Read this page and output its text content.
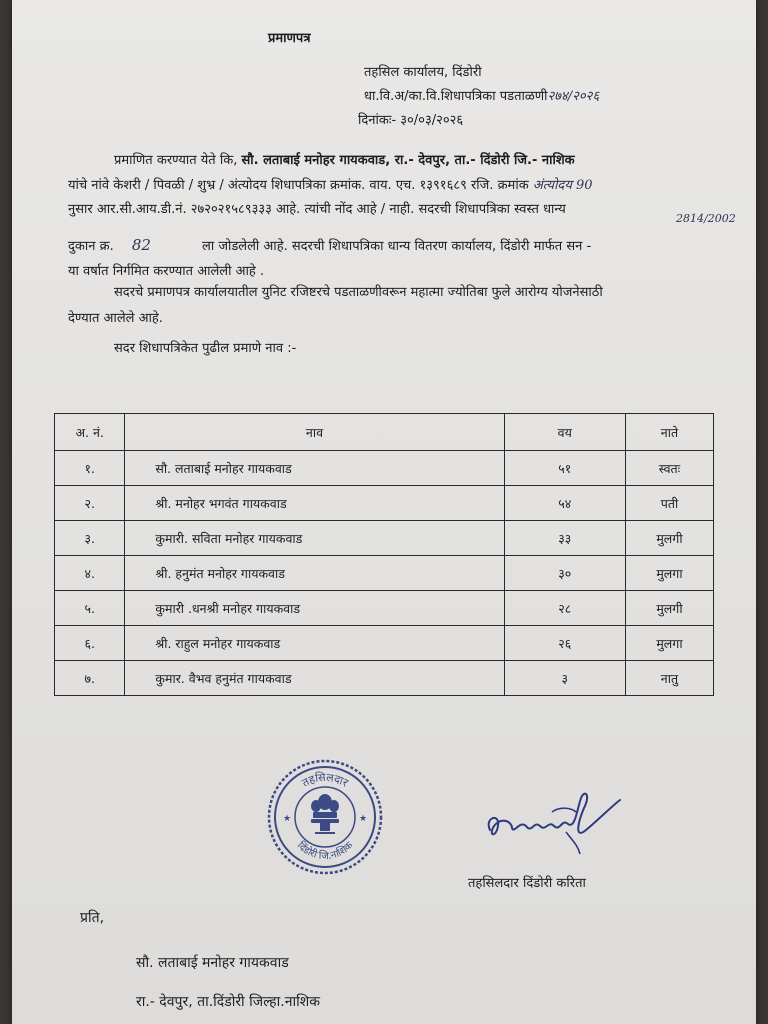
प्रमाणपत्र
तहसिल कार्यालय, दिंडोरी
धा.वि.अ/का.वि.शिधापत्रिका पडताळणी२७४/२०२६
दिनांकः- ३०/०३/२०२६
प्रमाणित करण्यात येते कि, सौ. लताबाई मनोहर गायकवाड, रा.- देवपुर, ता.- दिंडोरी जि.- नाशिक
यांचे नांवे केशरी / पिवळी / शुभ्र / अंत्योदय शिधापत्रिका क्रमांक. वाय. एच. १३९१६८९ रजि. क्रमांक अंत्योदय 90
नुसार आर.सी.आय.डी.नं. २७२०२१५८९३३३ आहे. त्यांची नोंद आहे / नाही. सदरची शिधापत्रिका स्वस्त धान्य
2814/2002
दुकान क्र. 82	ला जोडलेली आहे. सदरची शिधापत्रिका धान्य वितरण कार्यालय, दिंडोरी मार्फत सन -
या वर्षात निर्गमित करण्यात आलेली आहे .
सदरचे प्रमाणपत्र कार्यालयातील युनिट रजिष्टरचे पडताळणीवरून महात्मा ज्योतिबा फुले आरोग्य योजनेसाठी
देण्यात आलेले आहे.
सदर शिधापत्रिकेत पुढील प्रमाणे नाव :-
अ. नं.	नाव	वय	नाते
१.	सौ. लताबाई मनोहर गायकवाड	५१	स्वतः
२.	श्री. मनोहर भगवंत गायकवाड	५४	पती
३.	कुमारी. सविता मनोहर गायकवाड	३३	मुलगी
४.	श्री. हनुमंत मनोहर गायकवाड	३०	मुलगा
५.	कुमारी .धनश्री मनोहर गायकवाड	२८	मुलगी
६.	श्री. राहुल मनोहर गायकवाड	२६	मुलगा
७.	कुमार. वैभव हनुमंत गायकवाड	३	नातु
तहसिलदार
दिंडोरी जि.नाशिक
★	★
तहसिलदार दिंडोरी करिता
प्रति,
सौ. लताबाई मनोहर गायकवाड
रा.- देवपुर, ता.दिंडोरी जिल्हा.नाशिक
